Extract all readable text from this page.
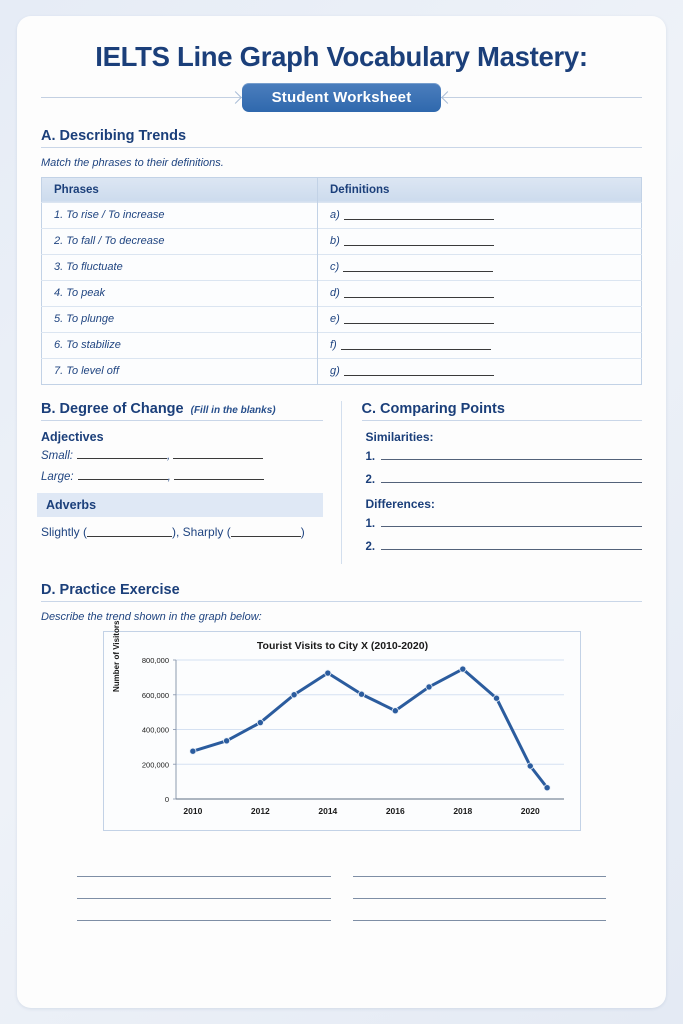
IELTS Line Graph Vocabulary Mastery:
Student Worksheet
A. Describing Trends
Match the phrases to their definitions.
Phrases	Definitions
1. To rise / To increase	a)
2. To fall / To decrease	b)
3. To fluctuate	c)
4. To peak	d)
5. To plunge	e)
6. To stabilize	f)
7. To level off	g)
B. Degree of Change (Fill in the blanks)
Adjectives
Small:	,

Large:	,

Adverbs
Slightly (	), Sharply (	)
C. Comparing Points
Similarities:
1.
2.
Differences:
1.
2.
D. Practice Exercise
Describe the trend shown in the graph below:
Tourist Visits to City X (2010-2020)
Number of Visitors
0
200,000
400,000
600,000
800,000
2010	2012	2014	2016	2018	2020
